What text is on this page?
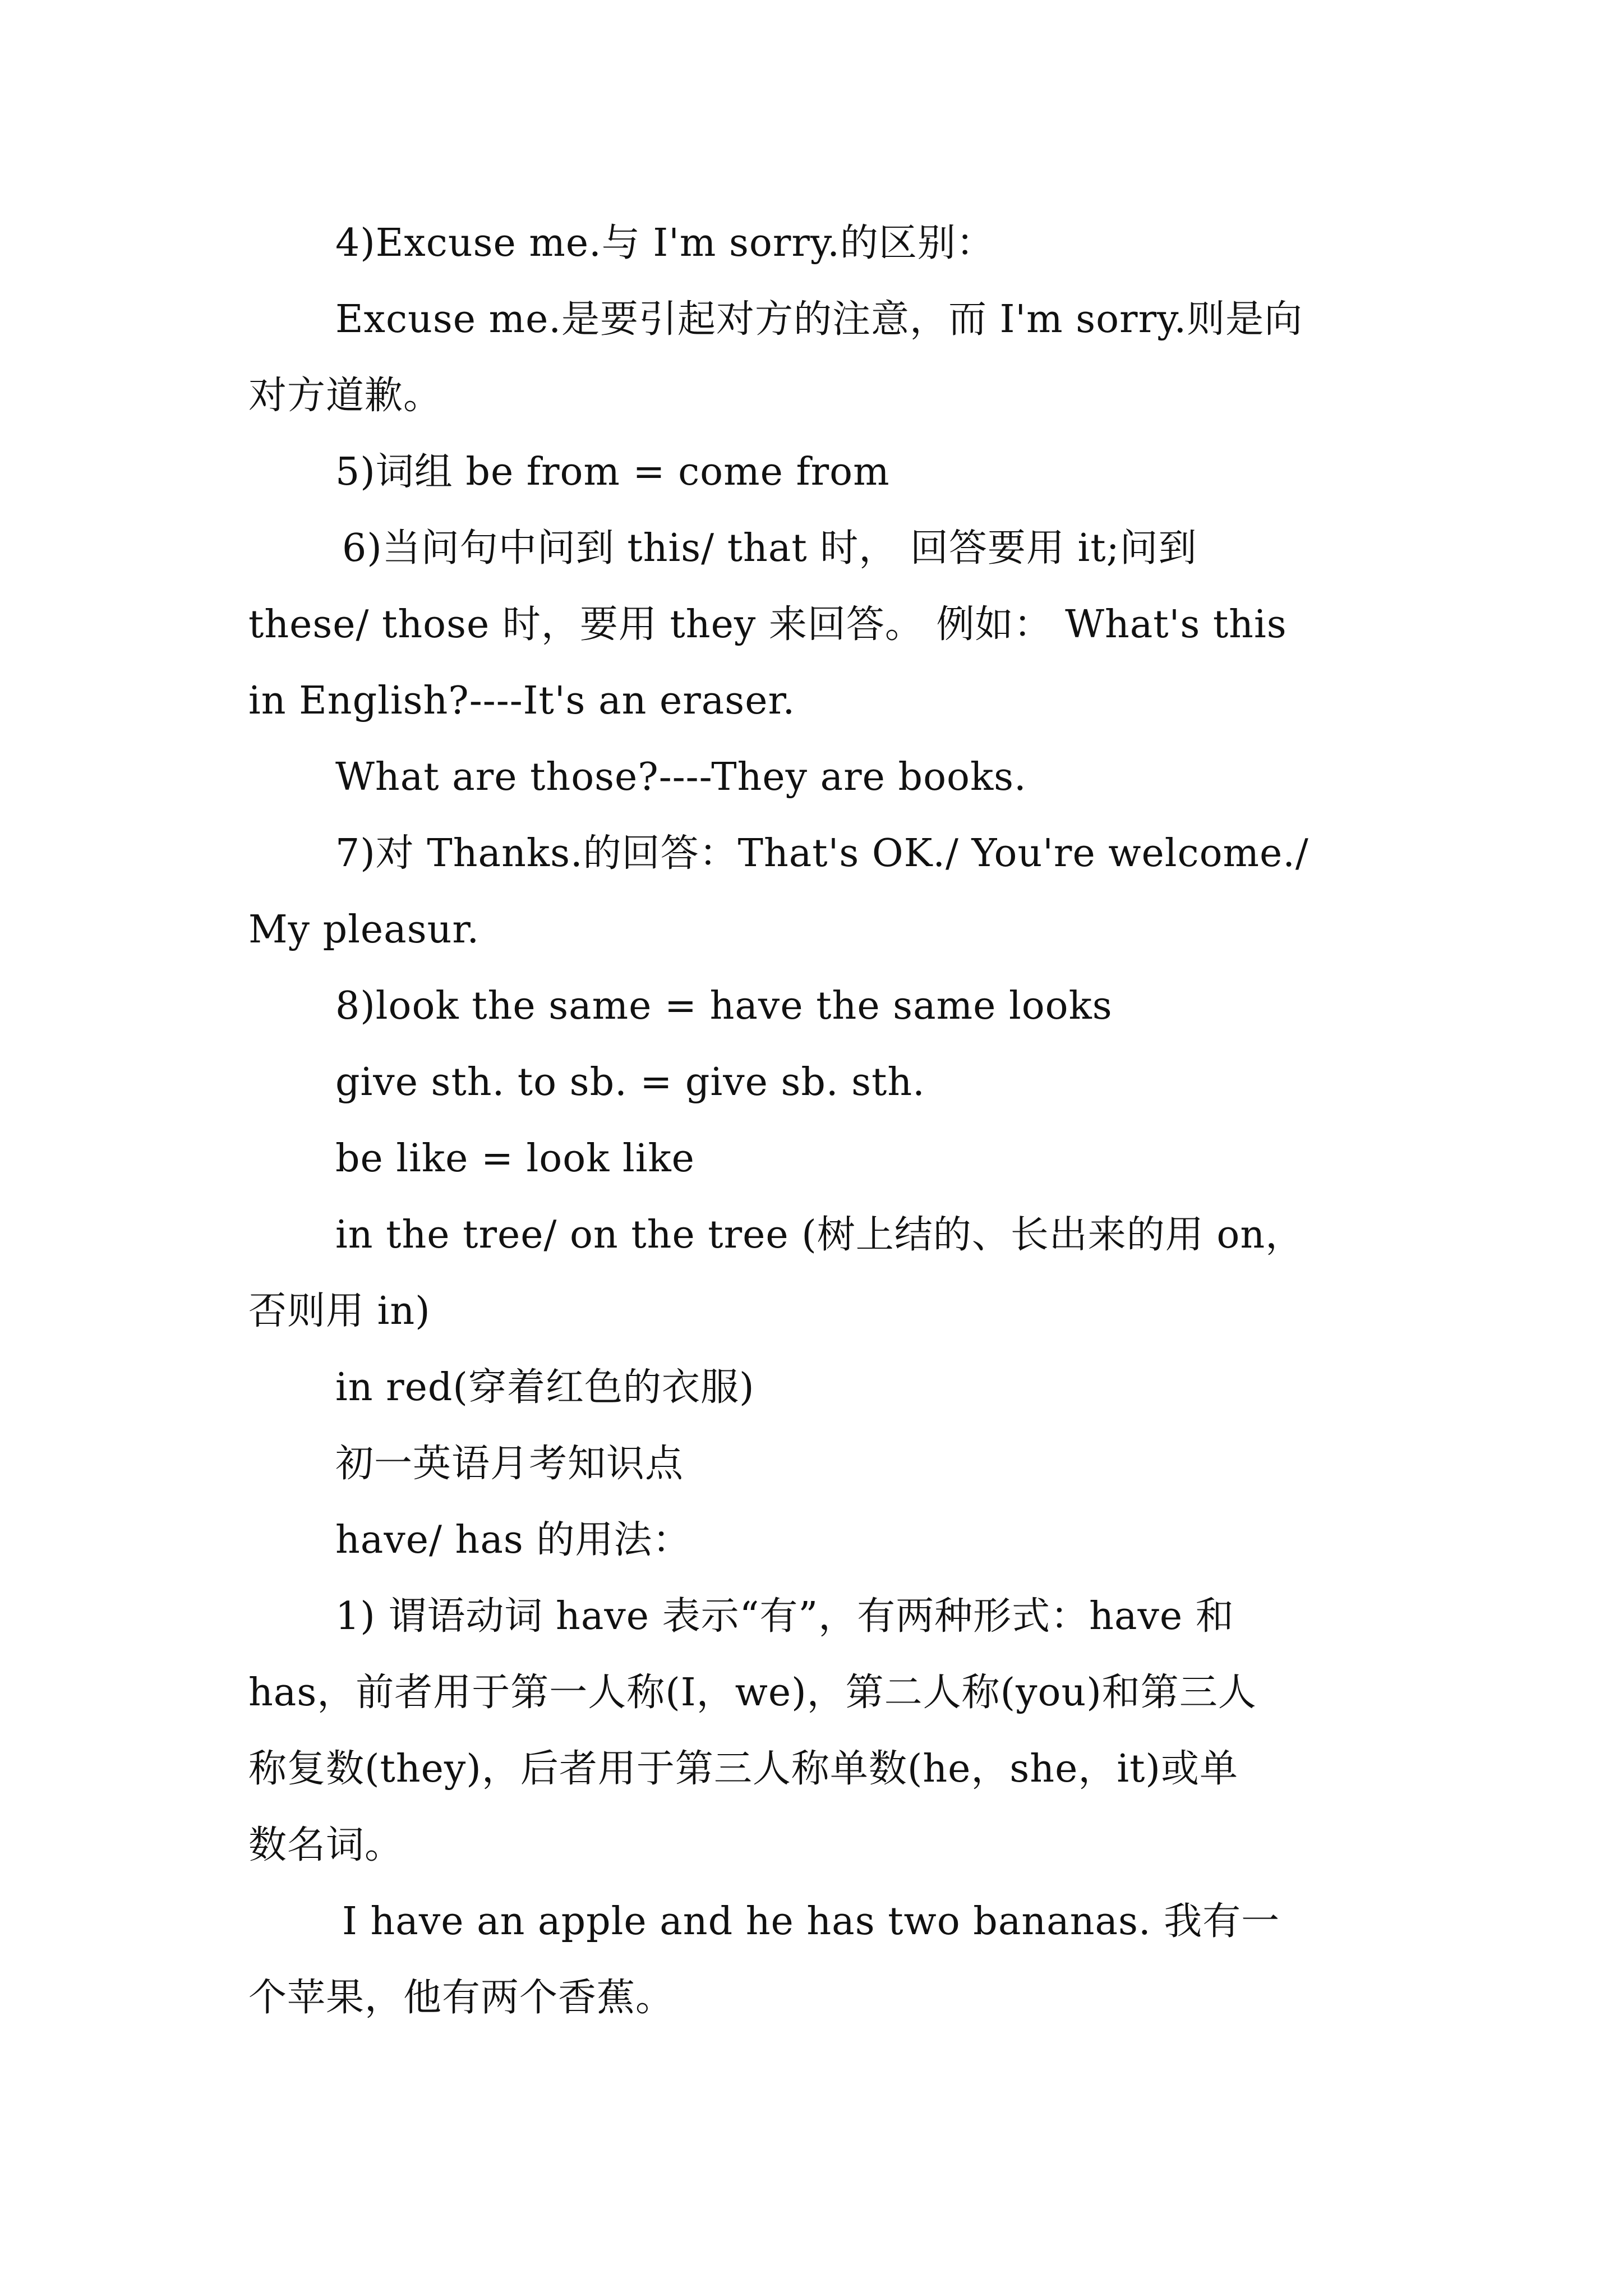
4)Excuse me.与 I'm sorry.的区别：
Excuse me.是要引起对方的注意，而 I'm sorry.则是向
对方道歉。
5)词组 be from = come from
6)当问句中问到 this/ that 时， 回答要用 it;问到
these/ those 时，要用 they 来回答。 例如： What's this
in English?----It's an eraser.
What are those?----They are books.
7)对 Thanks.的回答：That's OK./ You're welcome./
My pleasur.
8)look the same = have the same looks
give sth. to sb. = give sb. sth.
be like = look like
in the tree/ on the tree (树上结的、长出来的用 on，
否则用 in)
in red(穿着红色的衣服)
初一英语月考知识点
have/ has 的用法：
1) 谓语动词 have 表示“有”，有两种形式：have 和
has，前者用于第一人称(I，we)，第二人称(you)和第三人
称复数(they)，后者用于第三人称单数(he，she，it)或单
数名词。
I have an apple and he has two bananas. 我有一
个苹果，他有两个香蕉。
